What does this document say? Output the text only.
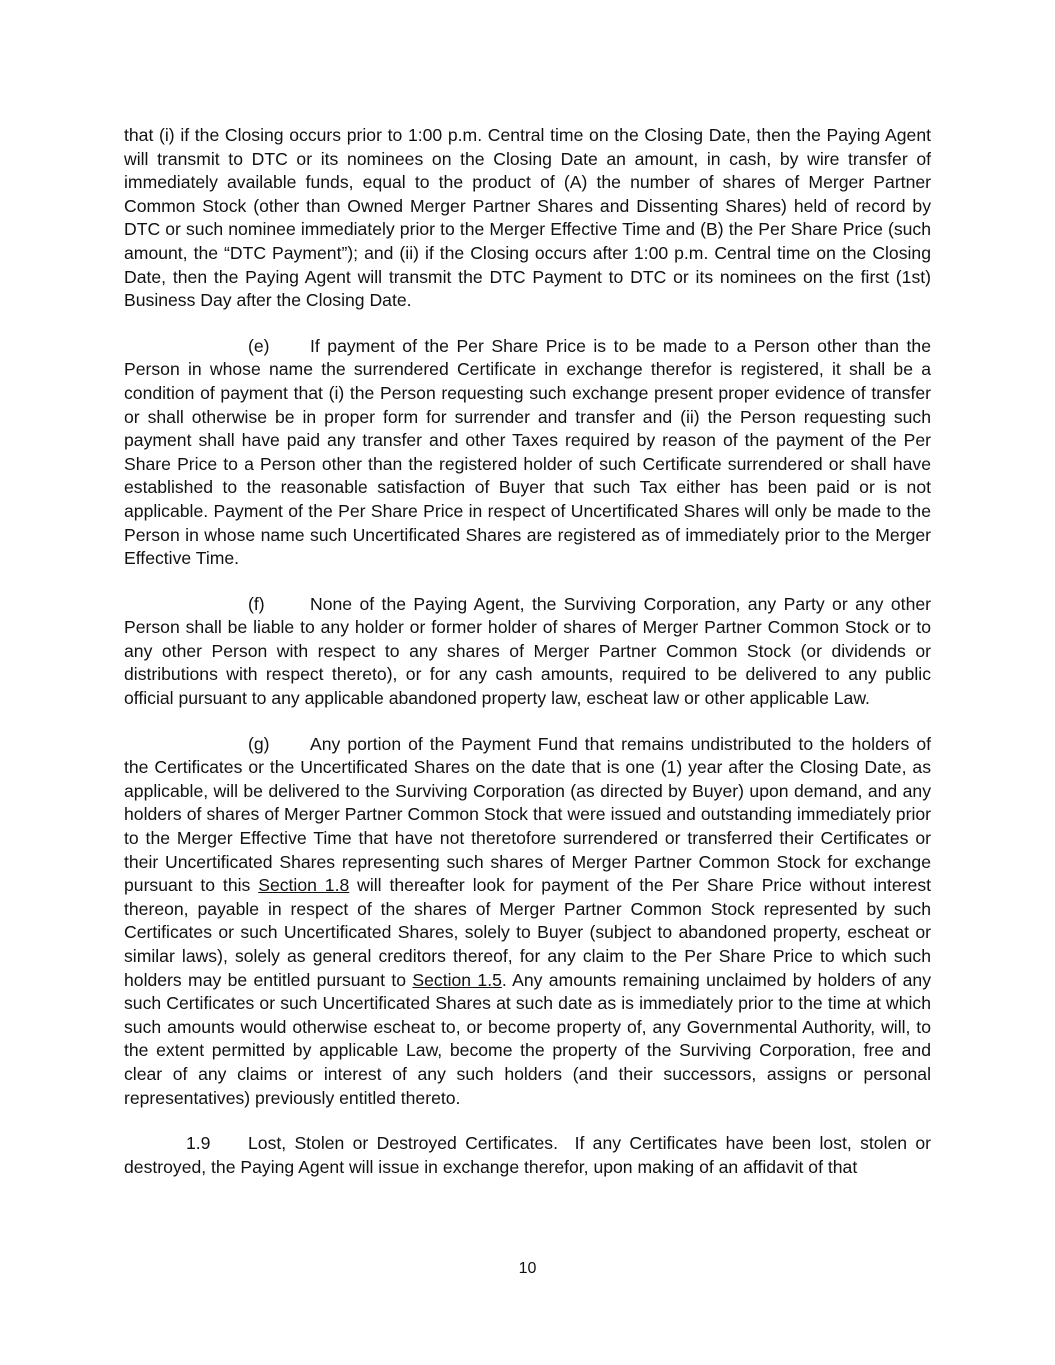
that (i) if the Closing occurs prior to 1:00 p.m. Central time on the Closing Date, then the Paying Agent will transmit to DTC or its nominees on the Closing Date an amount, in cash, by wire transfer of immediately available funds, equal to the product of (A) the number of shares of Merger Partner Common Stock (other than Owned Merger Partner Shares and Dissenting Shares) held of record by DTC or such nominee immediately prior to the Merger Effective Time and (B) the Per Share Price (such amount, the “DTC Payment”); and (ii) if the Closing occurs after 1:00 p.m. Central time on the Closing Date, then the Paying Agent will transmit the DTC Payment to DTC or its nominees on the first (1st) Business Day after the Closing Date.

(e) If payment of the Per Share Price is to be made to a Person other than the Person in whose name the surrendered Certificate in exchange therefor is registered, it shall be a condition of payment that (i) the Person requesting such exchange present proper evidence of transfer or shall otherwise be in proper form for surrender and transfer and (ii) the Person requesting such payment shall have paid any transfer and other Taxes required by reason of the payment of the Per Share Price to a Person other than the registered holder of such Certificate surrendered or shall have established to the reasonable satisfaction of Buyer that such Tax either has been paid or is not applicable. Payment of the Per Share Price in respect of Uncertificated Shares will only be made to the Person in whose name such Uncertificated Shares are registered as of immediately prior to the Merger Effective Time.

(f)	None of the Paying Agent, the Surviving Corporation, any Party or any other Person shall be liable to any holder or former holder of shares of Merger Partner Common Stock or to any other Person with respect to any shares of Merger Partner Common Stock (or dividends or distributions with respect thereto), or for any cash amounts, required to be delivered to any public official pursuant to any applicable abandoned property law, escheat law or other applicable Law.

(g) Any portion of the Payment Fund that remains undistributed to the holders of the Certificates or the Uncertificated Shares on the date that is one (1) year after the Closing Date, as applicable, will be delivered to the Surviving Corporation (as directed by Buyer) upon demand, and any holders of shares of Merger Partner Common Stock that were issued and outstanding immediately prior to the Merger Effective Time that have not theretofore surrendered or transferred their Certificates or their Uncertificated Shares representing such shares of Merger Partner Common Stock for exchange pursuant to this Section 1.8 will thereafter look for payment of the Per Share Price without interest thereon, payable in respect of the shares of Merger Partner Common Stock represented by such Certificates or such Uncertificated Shares, solely to Buyer (subject to abandoned property, escheat or similar laws), solely as general creditors thereof, for any claim to the Per Share Price to which such holders may be entitled pursuant to Section 1.5. Any amounts remaining unclaimed by holders of any such Certificates or such Uncertificated Shares at such date as is immediately prior to the time at which such amounts would otherwise escheat to, or become property of, any Governmental Authority, will, to the extent permitted by applicable Law, become the property of the Surviving Corporation, free and clear of any claims or interest of any such holders (and their successors, assigns or personal representatives) previously entitled thereto.

1.9 Lost, Stolen or Destroyed Certificates. If any Certificates have been lost, stolen or destroyed, the Paying Agent will issue in exchange therefor, upon making of an affidavit of that

10
